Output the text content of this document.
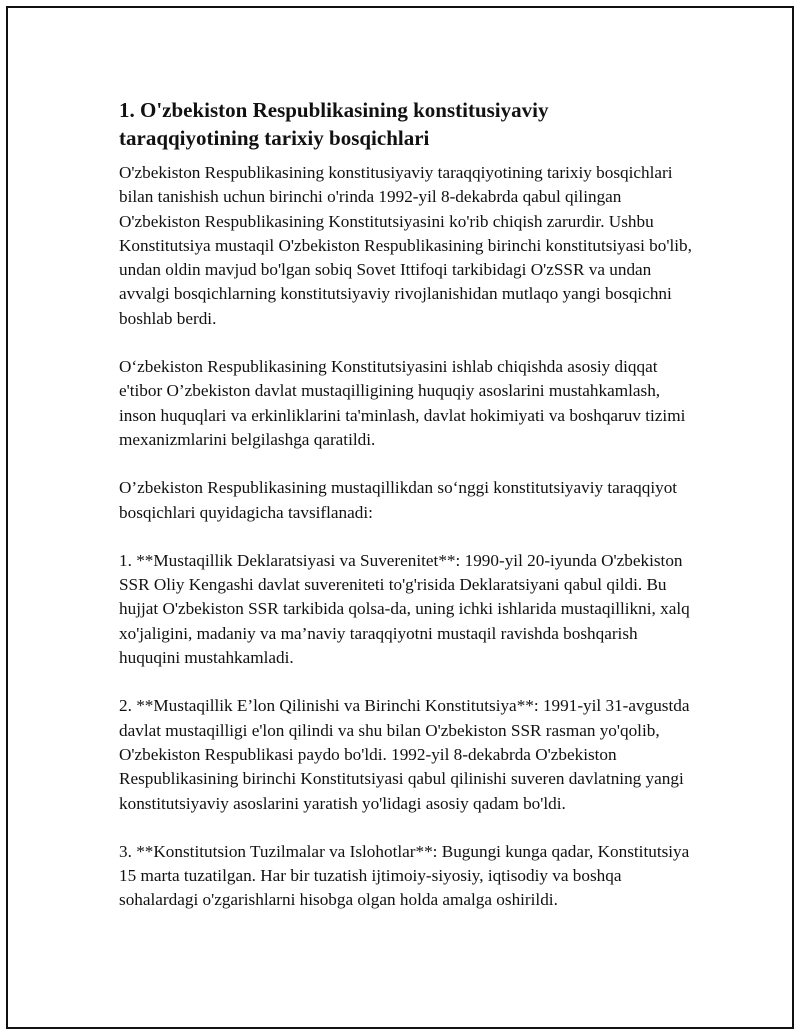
1. O'zbekiston Respublikasining konstitusiyaviy taraqqiyotining tarixiy bosqichlari

O'zbekiston Respublikasining konstitusiyaviy taraqqiyotining tarixiy bosqichlari bilan tanishish uchun birinchi o'rinda 1992-yil 8-dekabrda qabul qilingan O'zbekiston Respublikasining Konstitutsiyasini ko'rib chiqish zarurdir. Ushbu Konstitutsiya mustaqil O'zbekiston Respublikasining birinchi konstitutsiyasi bo'lib, undan oldin mavjud bo'lgan sobiq Sovet Ittifoqi tarkibidagi O'zSSR va undan avvalgi bosqichlarning konstitutsiyaviy rivojlanishidan mutlaqo yangi bosqichni boshlab berdi.

O‘zbekiston Respublikasining Konstitutsiyasini ishlab chiqishda asosiy diqqat e'tibor O’zbekiston davlat mustaqilligining huquqiy asoslarini mustahkamlash, inson huquqlari va erkinliklarini ta'minlash, davlat hokimiyati va boshqaruv tizimi mexanizmlarini belgilashga qaratildi.

O’zbekiston Respublikasining mustaqillikdan so‘nggi konstitutsiyaviy taraqqiyot bosqichlari quyidagicha tavsiflanadi:

1. **Mustaqillik Deklaratsiyasi va Suverenitet**: 1990-yil 20-iyunda O'zbekiston SSR Oliy Kengashi davlat suvereniteti to'g'risida Deklaratsiyani qabul qildi. Bu hujjat O'zbekiston SSR tarkibida qolsa-da, uning ichki ishlarida mustaqillikni, xalq xo'jaligini, madaniy va ma’naviy taraqqiyotni mustaqil ravishda boshqarish huquqini mustahkamladi.

2. **Mustaqillik E’lon Qilinishi va Birinchi Konstitutsiya**: 1991-yil 31-avgustda davlat mustaqilligi e'lon qilindi va shu bilan O'zbekiston SSR rasman yo'qolib, O'zbekiston Respublikasi paydo bo'ldi. 1992-yil 8-dekabrda O'zbekiston Respublikasining birinchi Konstitutsiyasi qabul qilinishi suveren davlatning yangi konstitutsiyaviy asoslarini yaratish yo'lidagi asosiy qadam bo'ldi.

3. **Konstitutsion Tuzilmalar va Islohotlar**: Bugungi kunga qadar, Konstitutsiya 15 marta tuzatilgan. Har bir tuzatish ijtimoiy-siyosiy, iqtisodiy va boshqa sohalardagi o'zgarishlarni hisobga olgan holda amalga oshirildi.
